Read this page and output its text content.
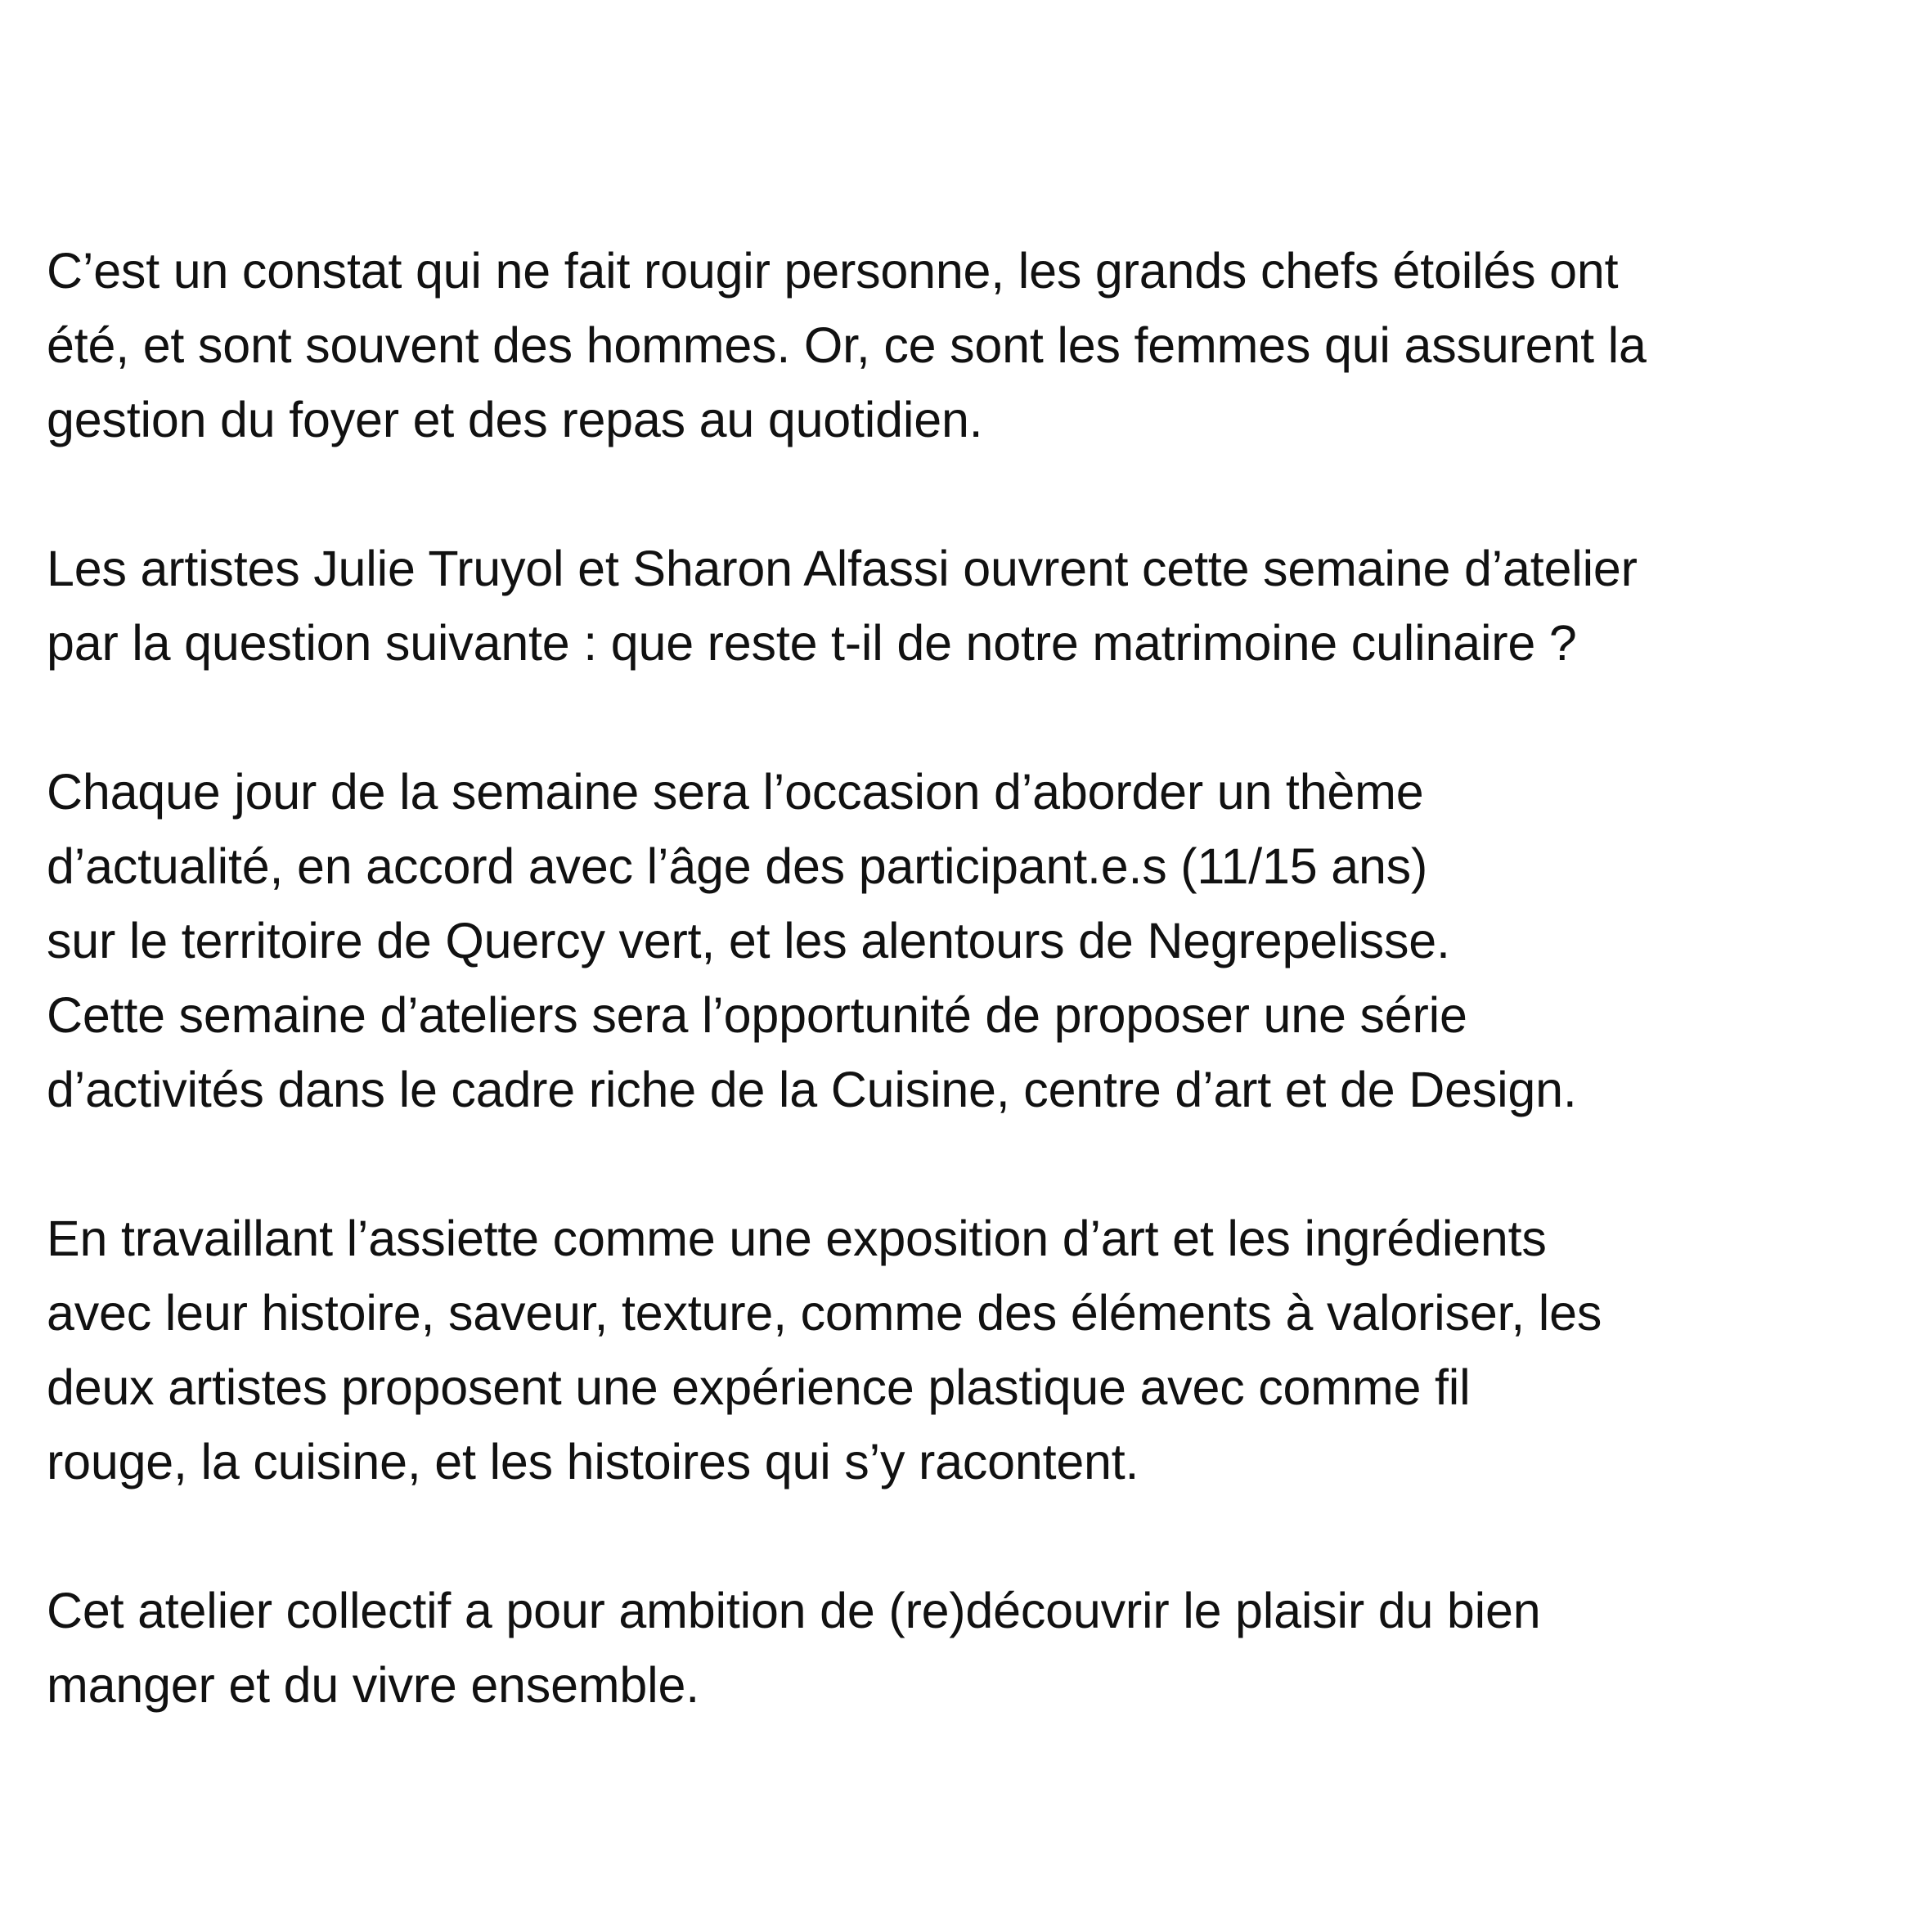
C’est un constat qui ne fait rougir personne, les grands chefs étoilés ont
été, et sont souvent des hommes. Or, ce sont les femmes qui assurent la
gestion du foyer et des repas au quotidien.

Les artistes Julie Truyol et Sharon Alfassi ouvrent cette semaine d’atelier
par la question suivante : que reste t-il de notre matrimoine culinaire ?

Chaque jour de la semaine sera l’occasion d’aborder un thème
d’actualité, en accord avec l’âge des participant.e.s (11/15 ans)
sur le territoire de Quercy vert, et les alentours de Negrepelisse.
Cette semaine d’ateliers sera l’opportunité de proposer une série
d’activités dans le cadre riche de la Cuisine, centre d’art et de Design.

En travaillant l’assiette comme une exposition d’art et les ingrédients
avec leur histoire, saveur, texture, comme des éléments à valoriser, les
deux artistes proposent une expérience plastique avec comme fil
rouge, la cuisine, et les histoires qui s’y racontent.

Cet atelier collectif a pour ambition de (re)découvrir le plaisir du bien
manger et du vivre ensemble.
